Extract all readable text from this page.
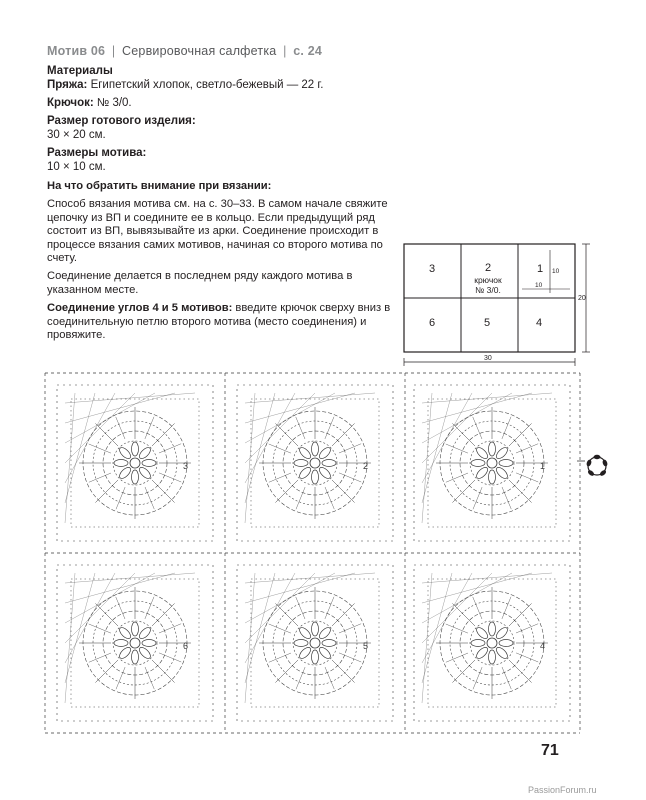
Мотив 06 | Сервировочная салфетка | с. 24
Материалы
Пряжа: Египетский хлопок, светло-бежевый — 22 г.
Крючок: № 3/0.
Размер готового изделия:
30 × 20 см.
Размеры мотива:
10 × 10 см.

На что обратить внимание при вязании:

Способ вязания мотива см. на с. 30–33. В самом начале свяжите цепочку из ВП и соедините ее в кольцо. Если предыдущий ряд состоит из ВП, вывязывайте из арки. Соединение происходит в процессе вязания самих мотивов, начиная со второго мотива по счету.

Соединение делается в последнем ряду каждого мотива в указанном месте.

Соединение углов 4 и 5 мотивов: введите крючок сверху вниз в соединительную петлю второго мотива (место соединения) и провяжите.

3	2	1
6	5	4
крючок
№ 3/0.
10
10
20
30
3	2	1
6	5	4
71
PassionForum.ru
